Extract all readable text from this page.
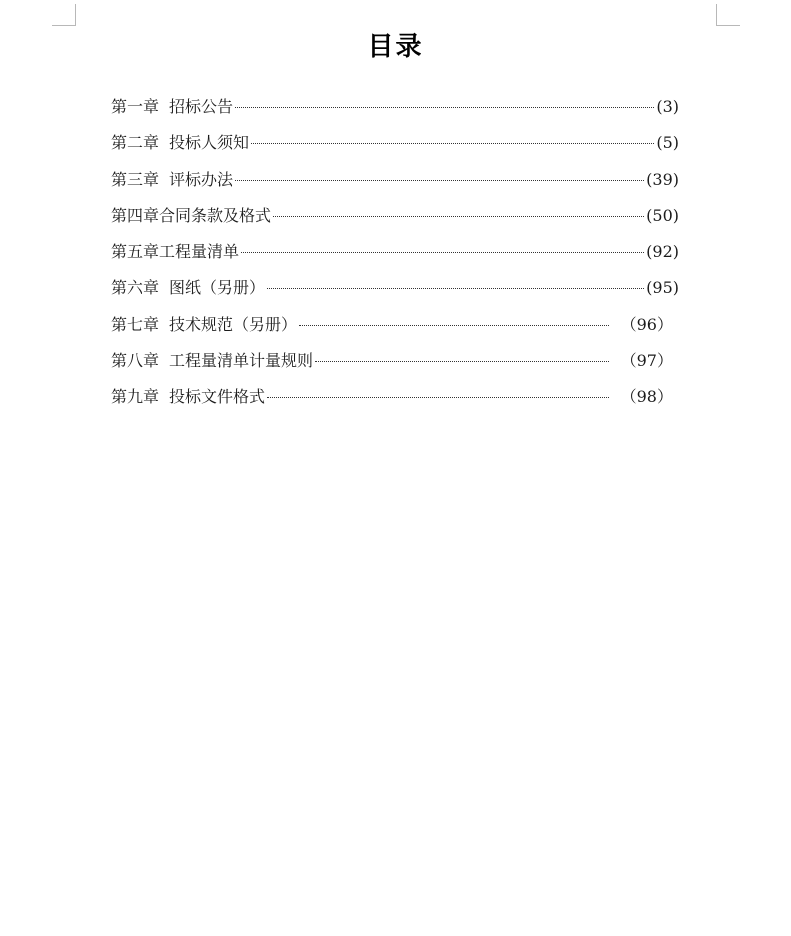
目录
第一章 招标公告	(3)
第二章 投标人须知	(5)
第三章 评标办法	(39)
第四章 合同条款及格式	(50)
第五章 工程量清单	(92)
第六章 图纸（另册）	(95)
第七章 技术规范（另册）	（96）
第八章 工程量清单计量规则	（97）
第九章 投标文件格式	（98）
